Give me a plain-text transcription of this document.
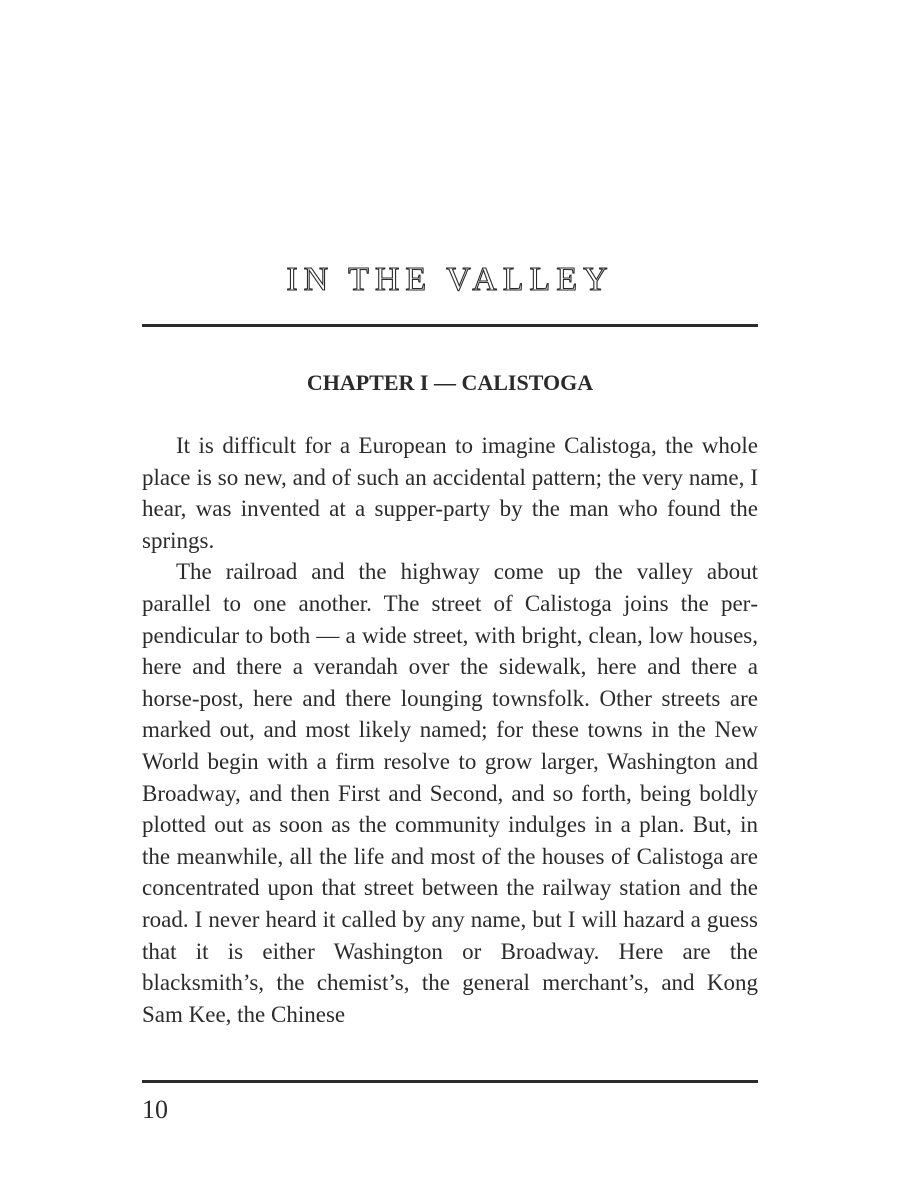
IN THE VALLEY
CHAPTER I — CALISTOGA

It is difficult for a European to imagine Calistoga, the whole place is so new, and of such an accidental pattern; the very name, I hear, was invented at a supper-party by the man who found the springs.

The railroad and the highway come up the valley about parallel to one another. The street of Calistoga joins the perpendicular to both — a wide street, with bright, clean, low houses, here and there a verandah over the sidewalk, here and there a horse-post, here and there lounging townsfolk. Other streets are marked out, and most likely named; for these towns in the New World begin with a firm resolve to grow larger, Washington and Broadway, and then First and Second, and so forth, being boldly plotted out as soon as the community indulges in a plan. But, in the meanwhile, all the life and most of the houses of Calistoga are concentrated upon that street between the railway station and the road. I never heard it called by any name, but I will hazard a guess that it is either Washington or Broadway. Here are the blacksmith’s, the chemist’s, the general merchant’s, and Kong Sam Kee, the Chinese

10
